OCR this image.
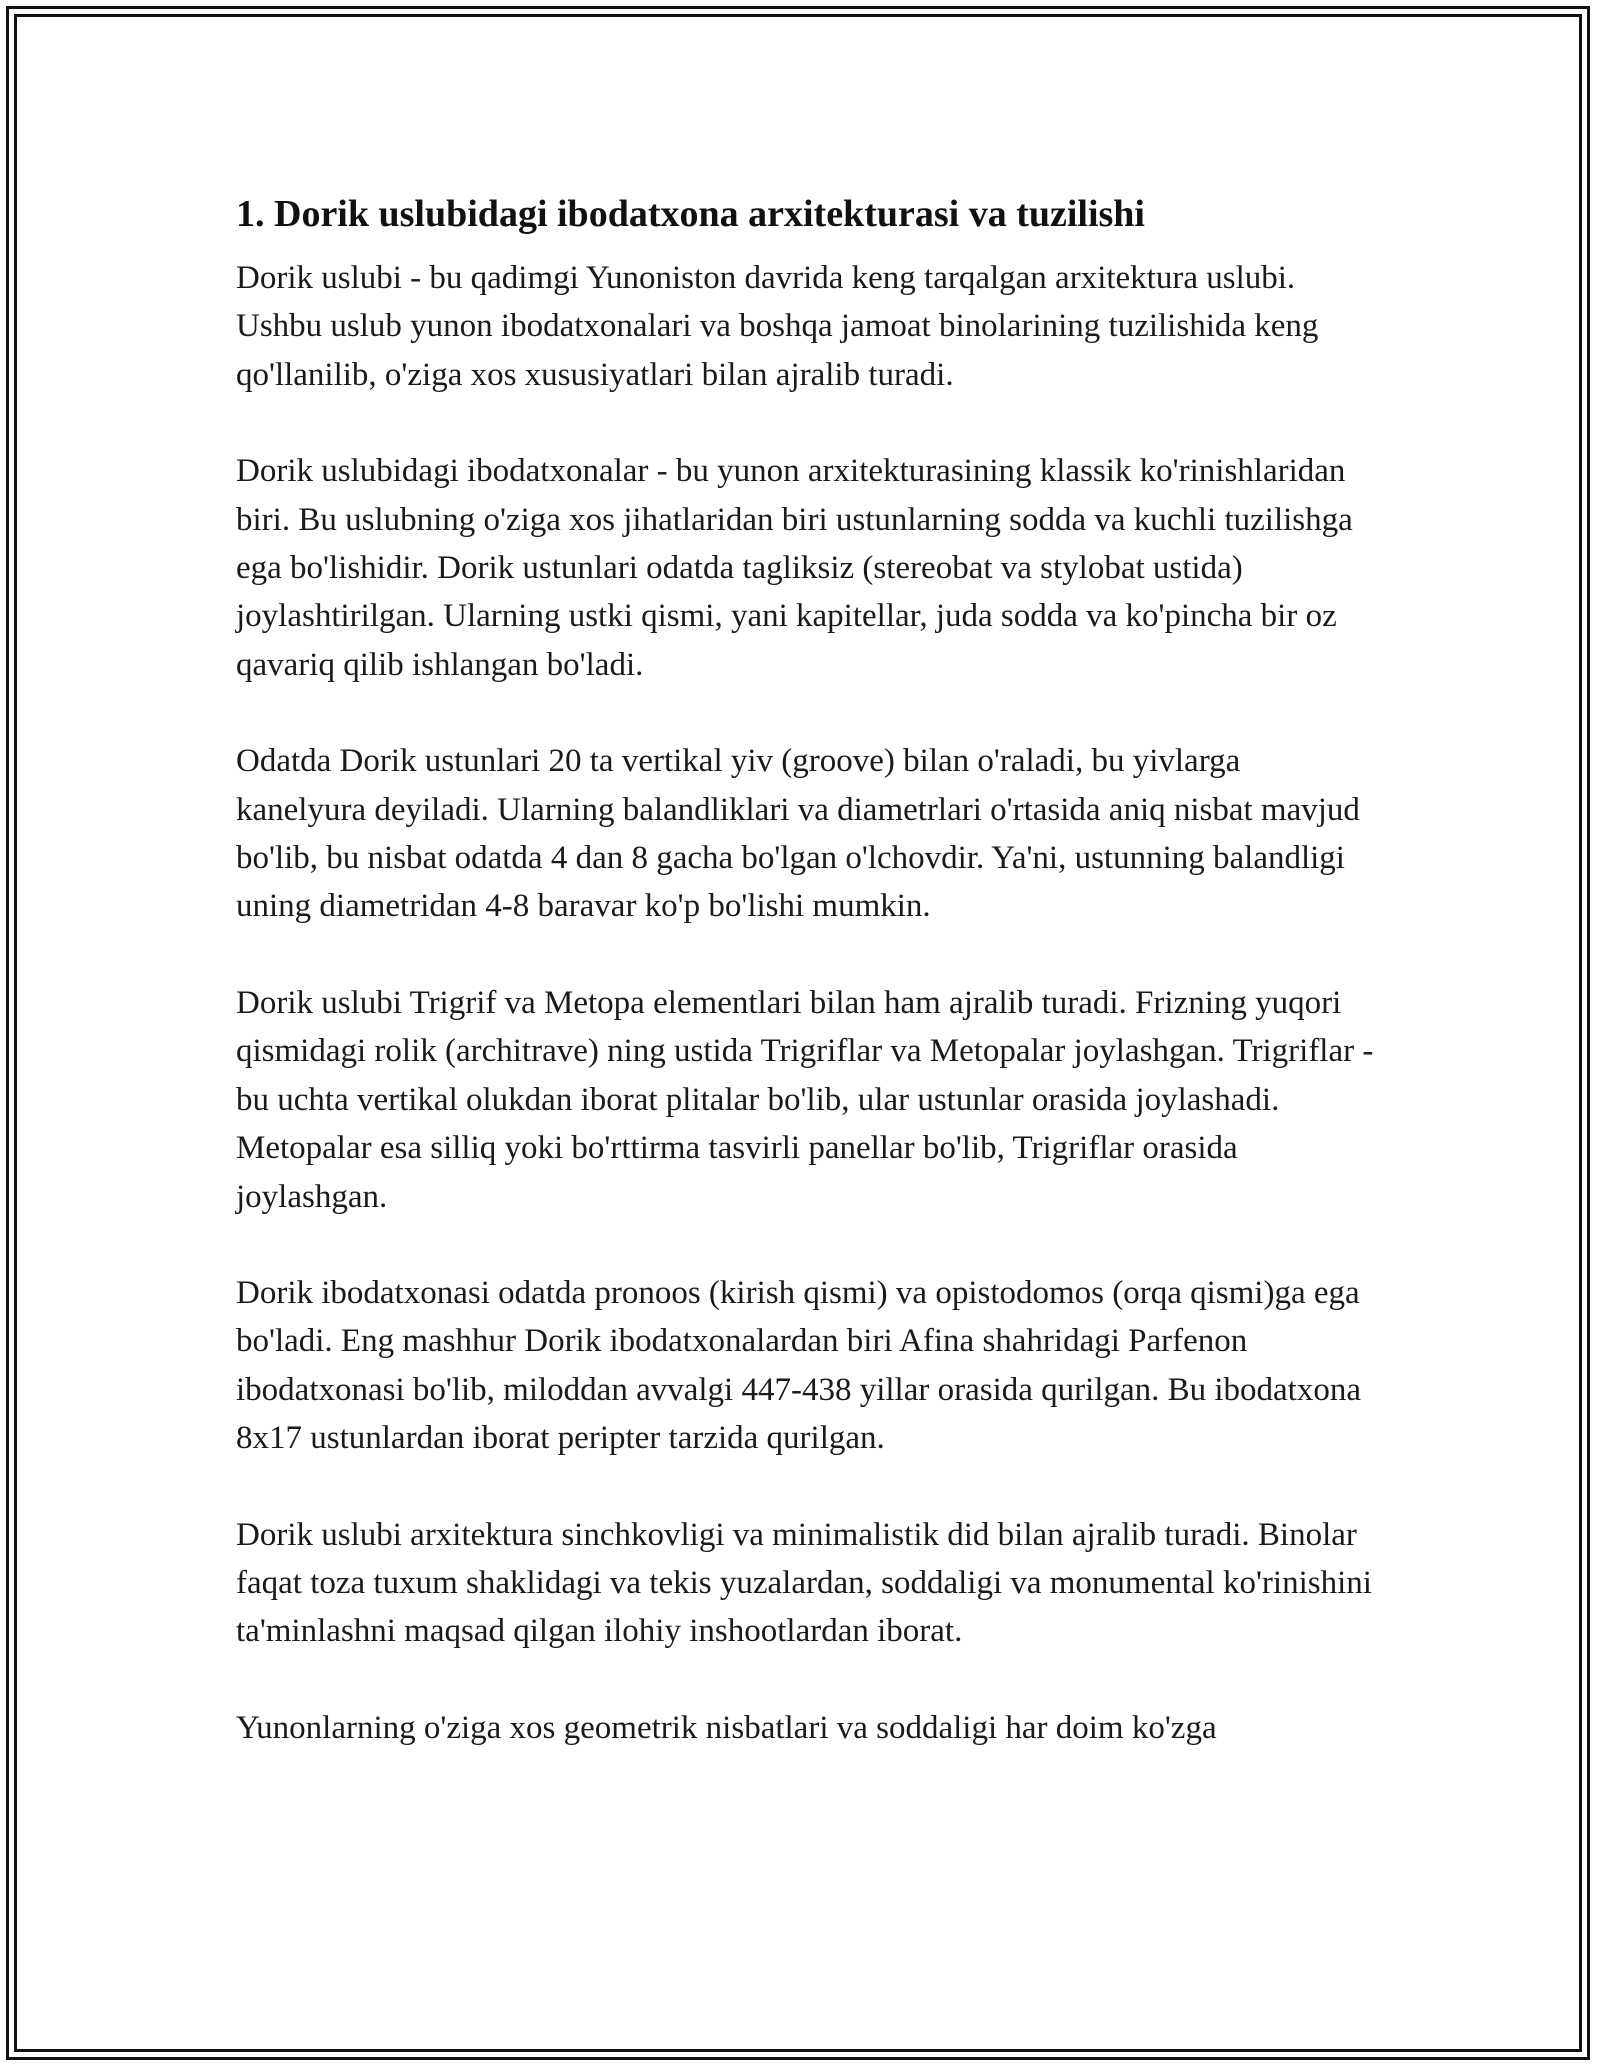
1. Dorik uslubidagi ibodatxona arxitekturasi va tuzilishi

Dorik uslubi - bu qadimgi Yunoniston davrida keng tarqalgan arxitektura uslubi. Ushbu uslub yunon ibodatxonalari va boshqa jamoat binolarining tuzilishida keng qo'llanilib, o'ziga xos xususiyatlari bilan ajralib turadi.

Dorik uslubidagi ibodatxonalar - bu yunon arxitekturasining klassik ko'rinishlaridan biri. Bu uslubning o'ziga xos jihatlaridan biri ustunlarning sodda va kuchli tuzilishga ega bo'lishidir. Dorik ustunlari odatda tagliksiz (stereobat va stylobat ustida) joylashtirilgan. Ularning ustki qismi, yani kapitellar, juda sodda va ko'pincha bir oz qavariq qilib ishlangan bo'ladi.

Odatda Dorik ustunlari 20 ta vertikal yiv (groove) bilan o'raladi, bu yivlarga kanelyura deyiladi. Ularning balandliklari va diametrlari o'rtasida aniq nisbat mavjud bo'lib, bu nisbat odatda 4 dan 8 gacha bo'lgan o'lchovdir. Ya'ni, ustunning balandligi uning diametridan 4-8 baravar ko'p bo'lishi mumkin.

Dorik uslubi Trigrif va Metopa elementlari bilan ham ajralib turadi. Frizning yuqori qismidagi rolik (architrave) ning ustida Trigriflar va Metopalar joylashgan. Trigriflar - bu uchta vertikal olukdan iborat plitalar bo'lib, ular ustunlar orasida joylashadi. Metopalar esa silliq yoki bo'rttirma tasvirli panellar bo'lib, Trigriflar orasida joylashgan.

Dorik ibodatxonasi odatda pronoos (kirish qismi) va opistodomos (orqa qismi)ga ega bo'ladi. Eng mashhur Dorik ibodatxonalardan biri Afina shahridagi Parfenon ibodatxonasi bo'lib, miloddan avvalgi 447-438 yillar orasida qurilgan. Bu ibodatxona 8x17 ustunlardan iborat peripter tarzida qurilgan.

Dorik uslubi arxitektura sinchkovligi va minimalistik did bilan ajralib turadi. Binolar faqat toza tuxum shaklidagi va tekis yuzalardan, soddaligi va monumental ko'rinishini ta'minlashni maqsad qilgan ilohiy inshootlardan iborat.

Yunonlarning o'ziga xos geometrik nisbatlari va soddaligi har doim ko'zga
